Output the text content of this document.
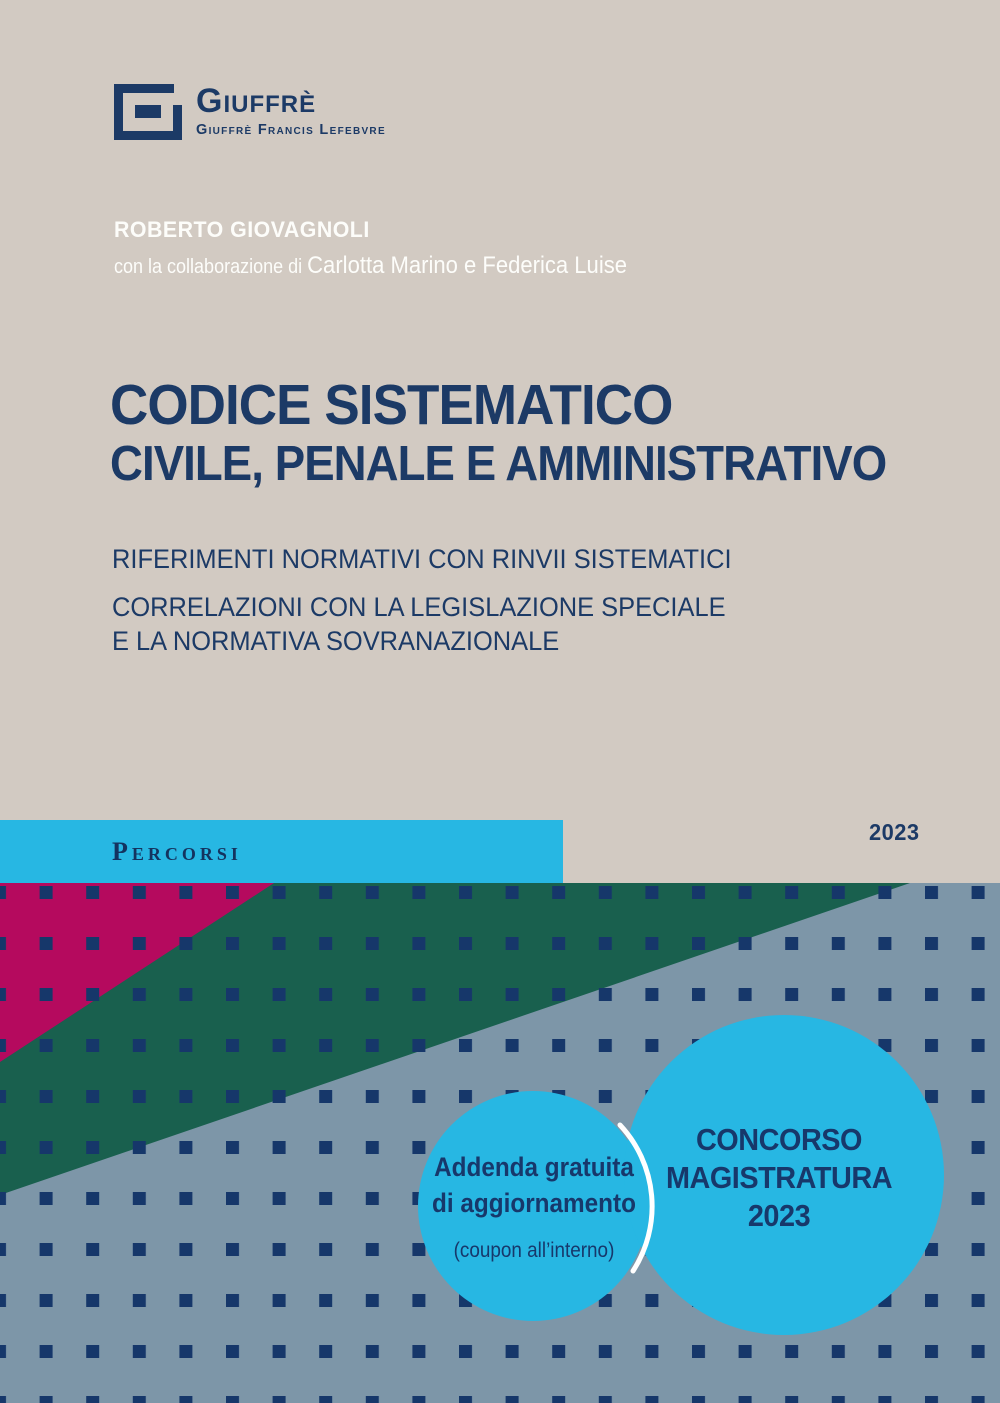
Giuffrè
Giuffrè Francis Lefebvre
ROBERTO GIOVAGNOLI
con la collaborazione di Carlotta Marino e Federica Luise
CODICE SISTEMATICO
CIVILE, PENALE E AMMINISTRATIVO
RIFERIMENTI NORMATIVI CON RINVII SISTEMATICI
CORRELAZIONI CON LA LEGISLAZIONE SPECIALE
E LA NORMATIVA SOVRANAZIONALE
2023
Percorsi
Addenda gratuita
di aggiornamento
(coupon all’interno)
CONCORSO
MAGISTRATURA
2023
